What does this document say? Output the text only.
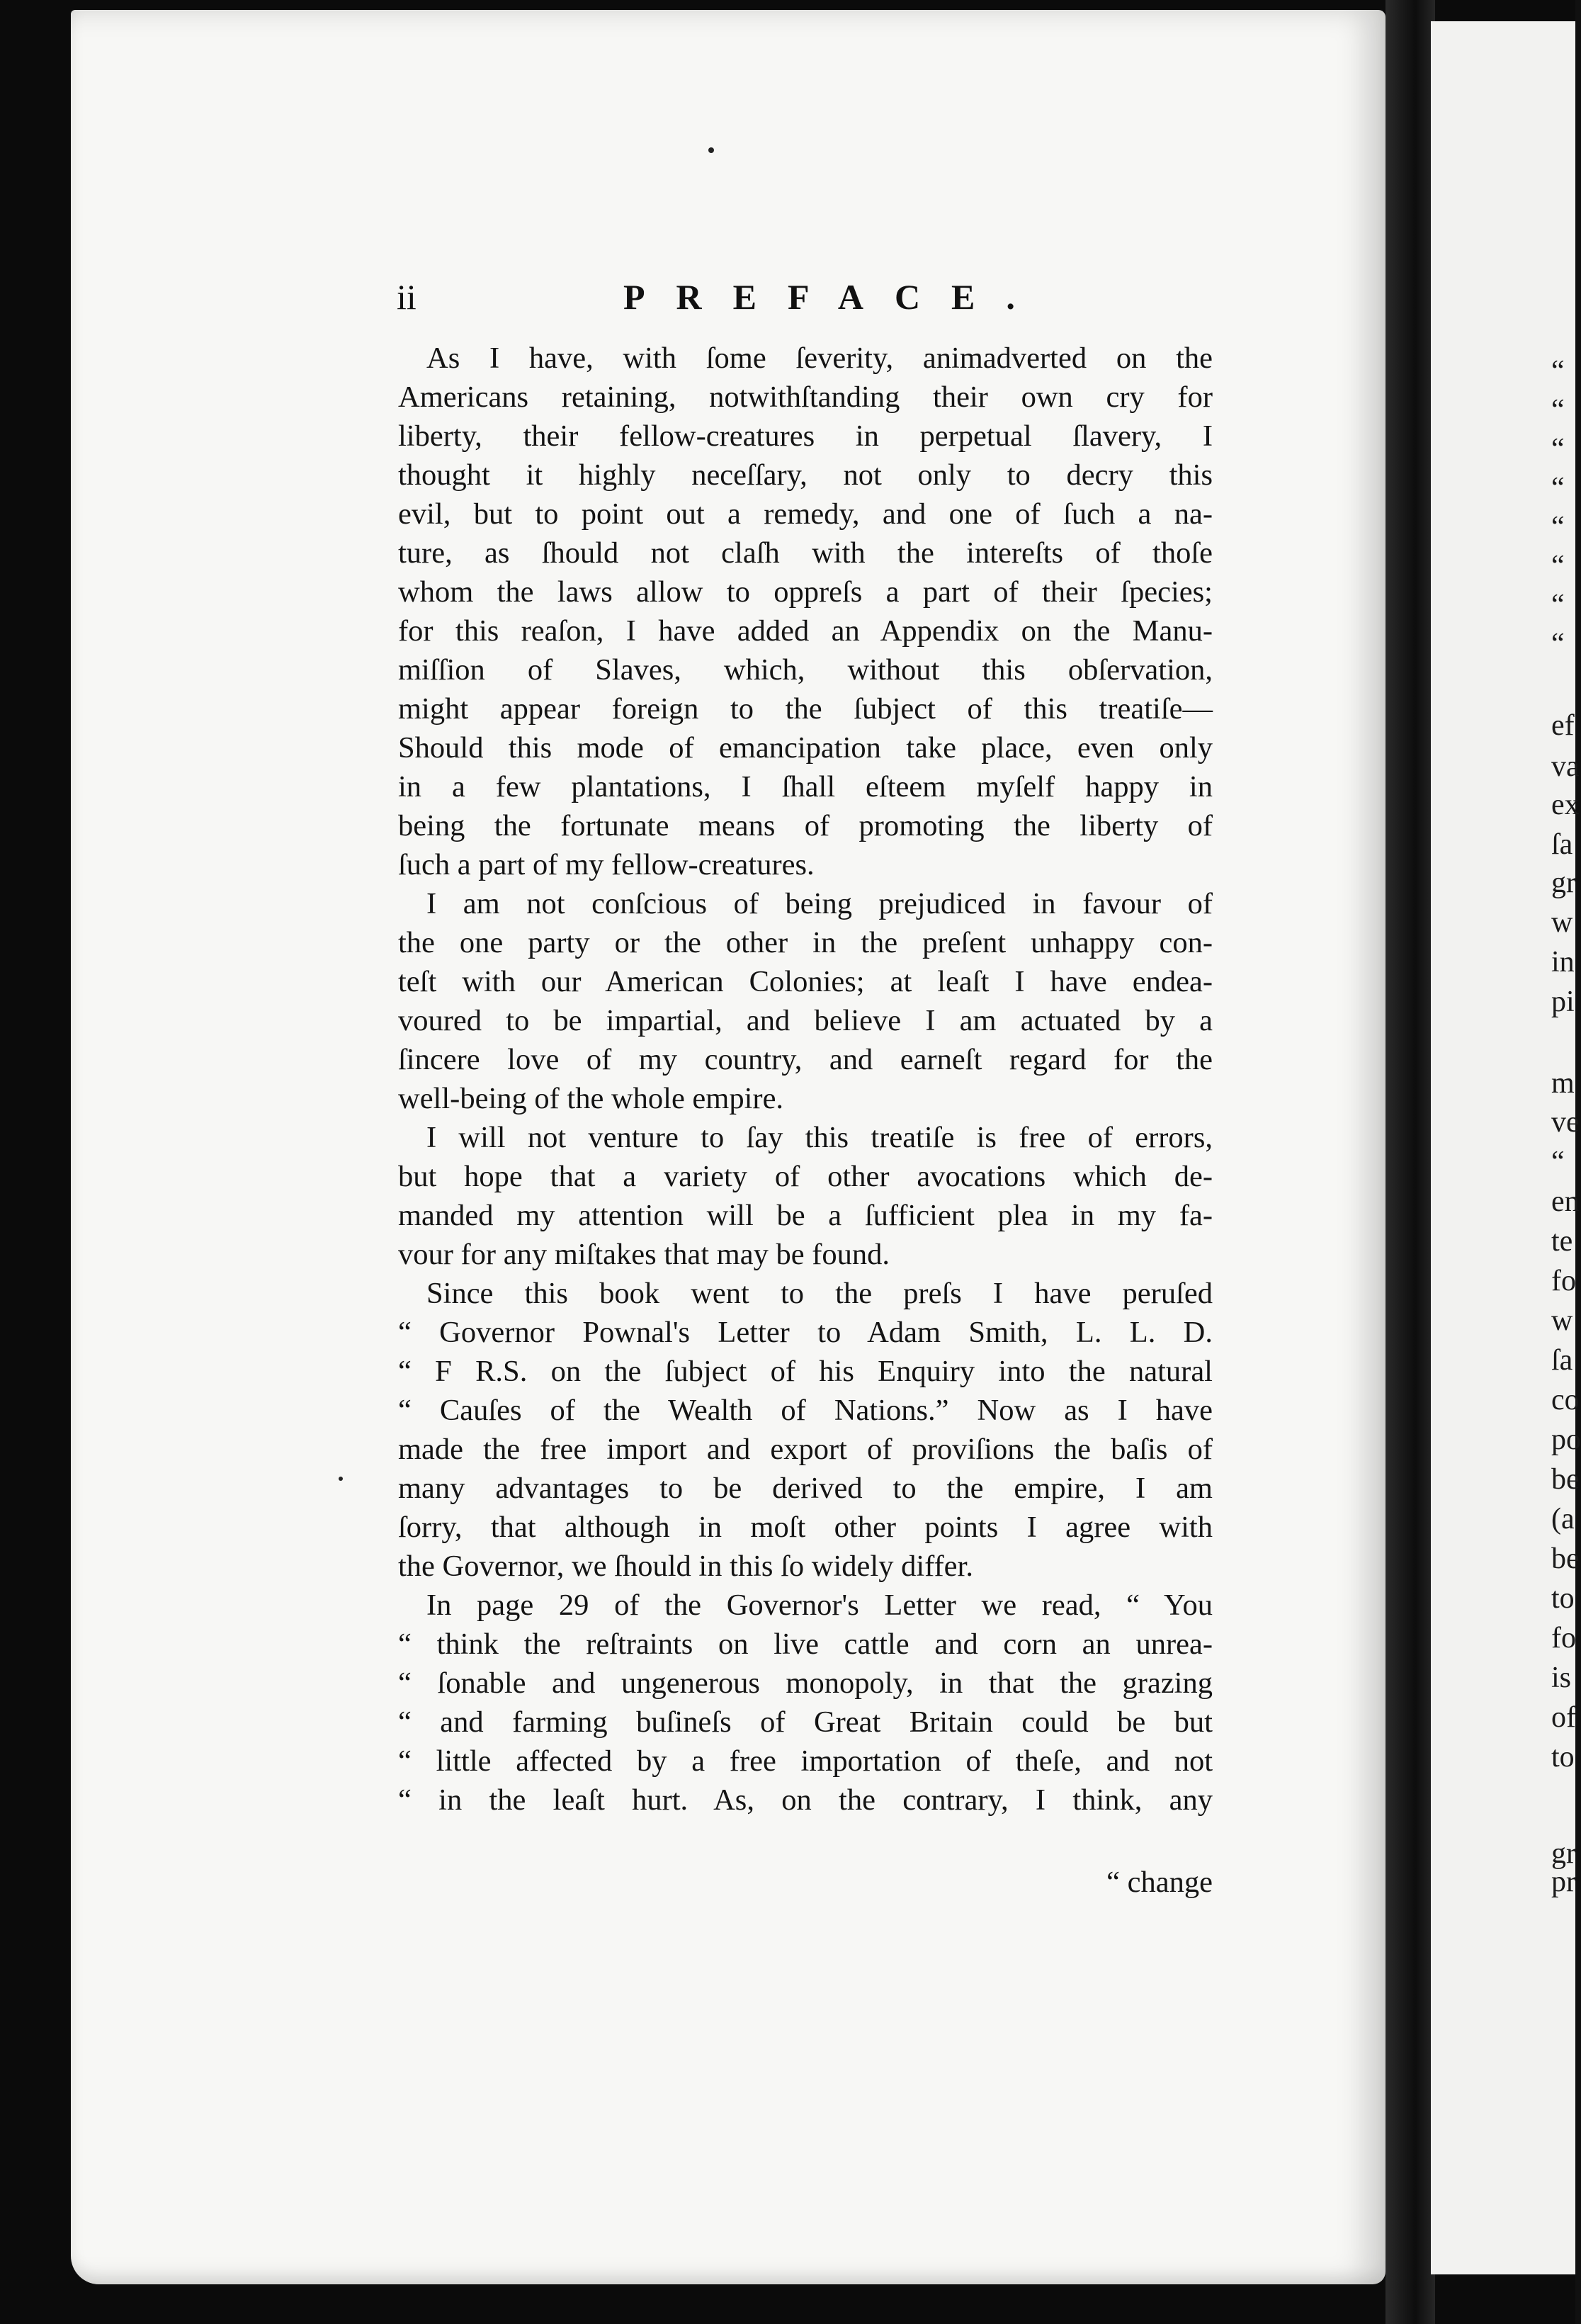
ii	PREFACE.
As I have, with ſome ſeverity, animadverted on the
Americans retaining, notwithſtanding their own cry for
liberty, their fellow-creatures in perpetual ſlavery, I
thought it highly neceſſary, not only to decry this
evil, but to point out a remedy, and one of ſuch a na-
ture, as ſhould not claſh with the intereſts of thoſe
whom the laws allow to oppreſs a part of their ſpecies;
for this reaſon, I have added an Appendix on the Manu-
miſſion of Slaves, which, without this obſervation,
might appear foreign to the ſubject of this treatiſe—
Should this mode of emancipation take place, even only
in a few plantations, I ſhall eſteem myſelf happy in
being the fortunate means of promoting the liberty of
ſuch a part of my fellow-creatures.
I am not conſcious of being prejudiced in favour of
the one party or the other in the preſent unhappy con-
teſt with our American Colonies; at leaſt I have endea-
voured to be impartial, and believe I am actuated by a
ſincere love of my country, and earneſt regard for the
well-being of the whole empire.
I will not venture to ſay this treatiſe is free of errors,
but hope that a variety of other avocations which de-
manded my attention will be a ſufficient plea in my fa-
vour for any miſtakes that may be found.
Since this book went to the preſs I have peruſed
“ Governor Pownal's Letter to Adam Smith, L. L. D.
“ F R.S. on the ſubject of his Enquiry into the natural
“ Cauſes of the Wealth of Nations.” Now as I have
made the free import and export of proviſions the baſis of
many advantages to be derived to the empire, I am
ſorry, that although in moſt other points I agree with
the Governor, we ſhould in this ſo widely differ.
In page 29 of the Governor's Letter we read, “ You
“ think the reſtraints on live cattle and corn an unrea-
“ ſonable and ungenerous monopoly, in that the grazing
“ and farming buſineſs of Great Britain could be but
“ little affected by a free importation of theſe, and not
“ in the leaſt hurt. As, on the contrary, I think, any
“ change
“
“
“
“
“
“
“
“
ef
va
ex
ſa
gr
w
in
pi
m
ve
“
en
te
fo
w
ſa
co
po
be
(a
be
to
fo
is
of
to
gr
pr
